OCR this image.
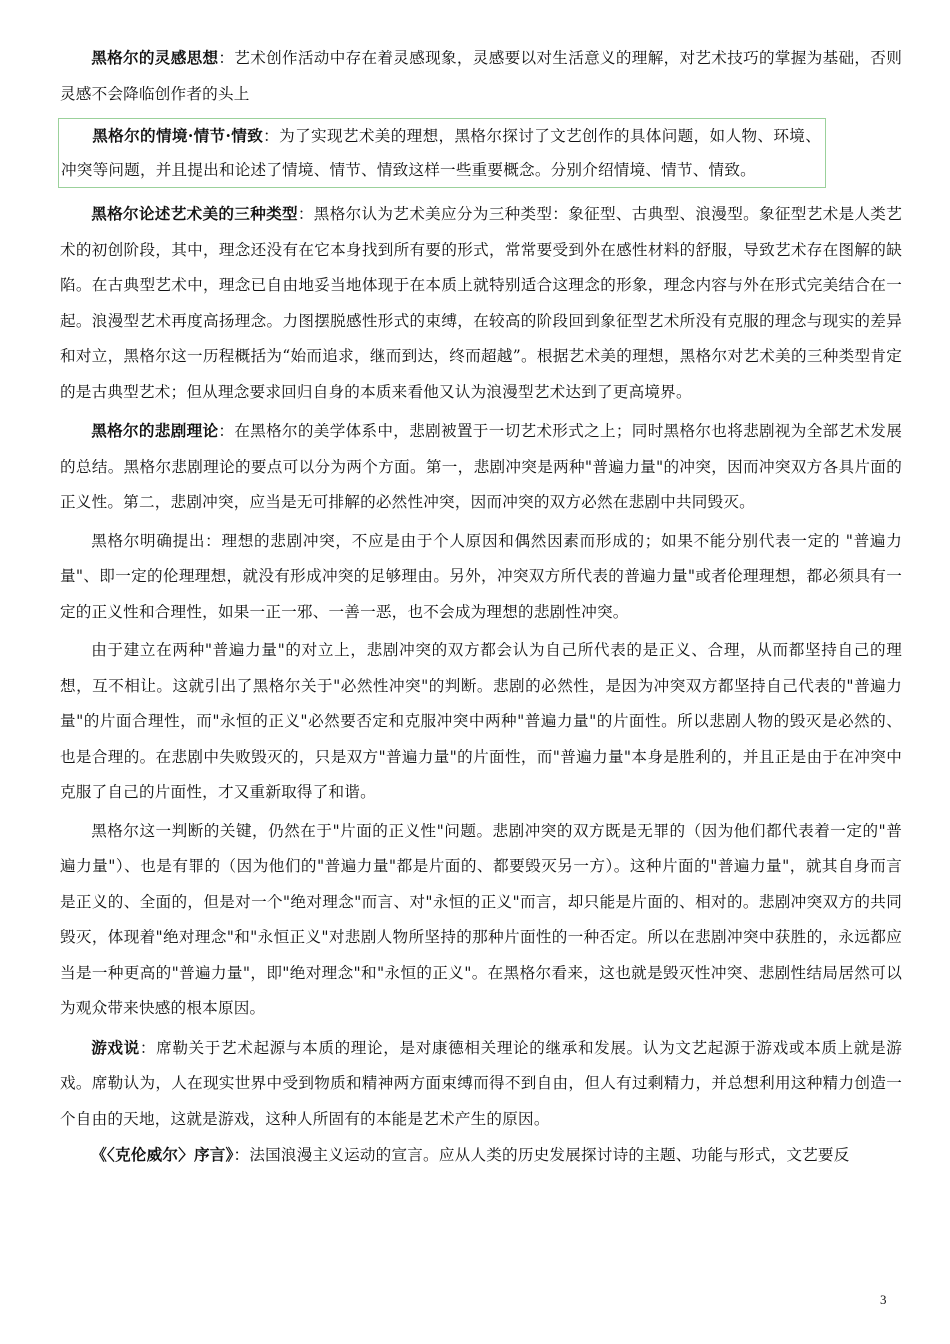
黑格尔的灵感思想：艺术创作活动中存在着灵感现象，灵感要以对生活意义的理解，对艺术技巧的掌握为基础，否则灵感不会降临创作者的头上

黑格尔的情境·情节·情致：为了实现艺术美的理想，黑格尔探讨了文艺创作的具体问题，如人物、环境、冲突等问题，并且提出和论述了情境、情节、情致这样一些重要概念。分别介绍情境、情节、情致。

黑格尔论述艺术美的三种类型：黑格尔认为艺术美应分为三种类型：象征型、古典型、浪漫型。象征型艺术是人类艺术的初创阶段，其中，理念还没有在它本身找到所有要的形式，常常要受到外在感性材料的舒服，导致艺术存在图解的缺陷。在古典型艺术中，理念已自由地妥当地体现于在本质上就特别适合这理念的形象，理念内容与外在形式完美结合在一起。浪漫型艺术再度高扬理念。力图摆脱感性形式的束缚，在较高的阶段回到象征型艺术所没有克服的理念与现实的差异和对立，黑格尔这一历程概括为“始而追求，继而到达，终而超越”。根据艺术美的理想，黑格尔对艺术美的三种类型肯定的是古典型艺术；但从理念要求回归自身的本质来看他又认为浪漫型艺术达到了更高境界。

黑格尔的悲剧理论：在黑格尔的美学体系中，悲剧被置于一切艺术形式之上；同时黑格尔也将悲剧视为全部艺术发展的总结。黑格尔悲剧理论的要点可以分为两个方面。第一，悲剧冲突是两种"普遍力量"的冲突，因而冲突双方各具片面的正义性。第二，悲剧冲突，应当是无可排解的必然性冲突，因而冲突的双方必然在悲剧中共同毁灭。

黑格尔明确提出：理想的悲剧冲突，不应是由于个人原因和偶然因素而形成的；如果不能分别代表一定的 "普遍力量"、即一定的伦理理想，就没有形成冲突的足够理由。另外，冲突双方所代表的普遍力量"或者伦理理想，都必须具有一定的正义性和合理性，如果一正一邪、一善一恶，也不会成为理想的悲剧性冲突。

由于建立在两种"普遍力量"的对立上，悲剧冲突的双方都会认为自己所代表的是正义、合理，从而都坚持自己的理想，互不相让。这就引出了黑格尔关于"必然性冲突"的判断。悲剧的必然性，是因为冲突双方都坚持自己代表的"普遍力量"的片面合理性，而"永恒的正义"必然要否定和克服冲突中两种"普遍力量"的片面性。所以悲剧人物的毁灭是必然的、也是合理的。在悲剧中失败毁灭的，只是双方"普遍力量"的片面性，而"普遍力量"本身是胜利的，并且正是由于在冲突中克服了自己的片面性，才又重新取得了和谐。

黑格尔这一判断的关键，仍然在于"片面的正义性"问题。悲剧冲突的双方既是无罪的（因为他们都代表着一定的"普遍力量"）、也是有罪的（因为他们的"普遍力量"都是片面的、都要毁灭另一方）。这种片面的"普遍力量"，就其自身而言是正义的、全面的，但是对一个"绝对理念"而言、对"永恒的正义"而言，却只能是片面的、相对的。悲剧冲突双方的共同毁灭，体现着"绝对理念"和"永恒正义"对悲剧人物所坚持的那种片面性的一种否定。所以在悲剧冲突中获胜的，永远都应当是一种更高的"普遍力量"，即"绝对理念"和"永恒的正义"。在黑格尔看来，这也就是毁灭性冲突、悲剧性结局居然可以为观众带来快感的根本原因。

游戏说：席勒关于艺术起源与本质的理论，是对康德相关理论的继承和发展。认为文艺起源于游戏或本质上就是游戏。席勒认为，人在现实世界中受到物质和精神两方面束缚而得不到自由，但人有过剩精力，并总想利用这种精力创造一个自由的天地，这就是游戏，这种人所固有的本能是艺术产生的原因。

《〈克伦威尔〉序言》：法国浪漫主义运动的宣言。应从人类的历史发展探讨诗的主题、功能与形式，文艺要反

3
